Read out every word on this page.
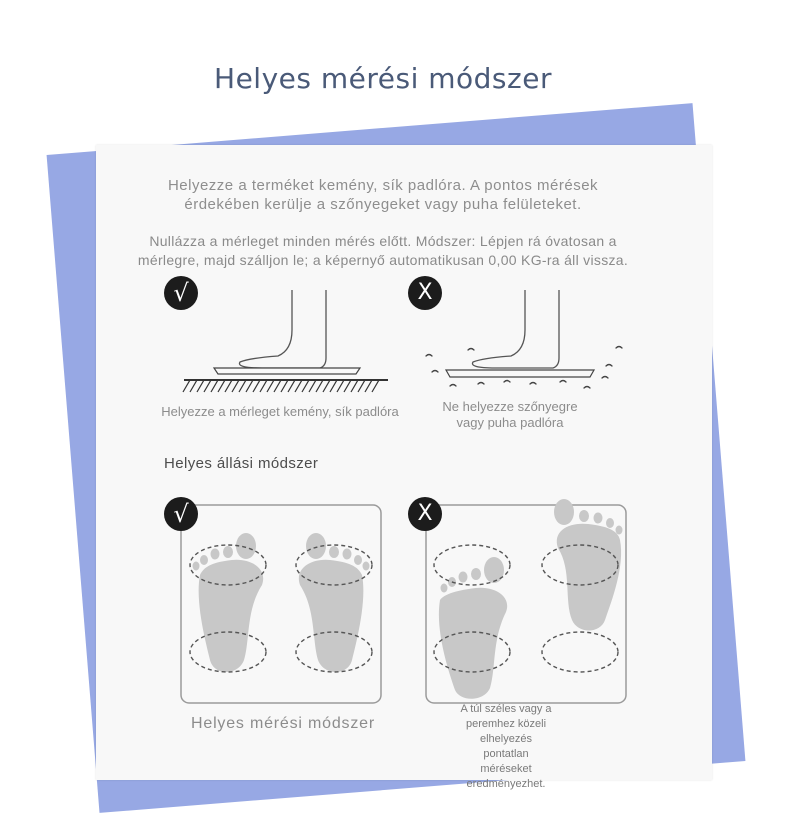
Helyes mérési módszer
Helyezze a terméket kemény, sík padlóra. A pontos mérések
érdekében kerülje a szőnyegeket vagy puha felületeket.
Nullázza a mérleget minden mérés előtt. Módszer: Lépjen rá óvatosan a
mérlegre, majd szálljon le; a képernyő automatikusan 0,00 KG-ra áll vissza.
√	X
Helyezze a mérleget kemény, sík padlóra	Ne helyezze szőnyegre
vagy puha padlóra
Helyes állási módszer
√	X
Helyes mérési módszer
A túl széles vagy a
peremhez közeli
elhelyezés pontatlan
méréseket
eredményezhet.
